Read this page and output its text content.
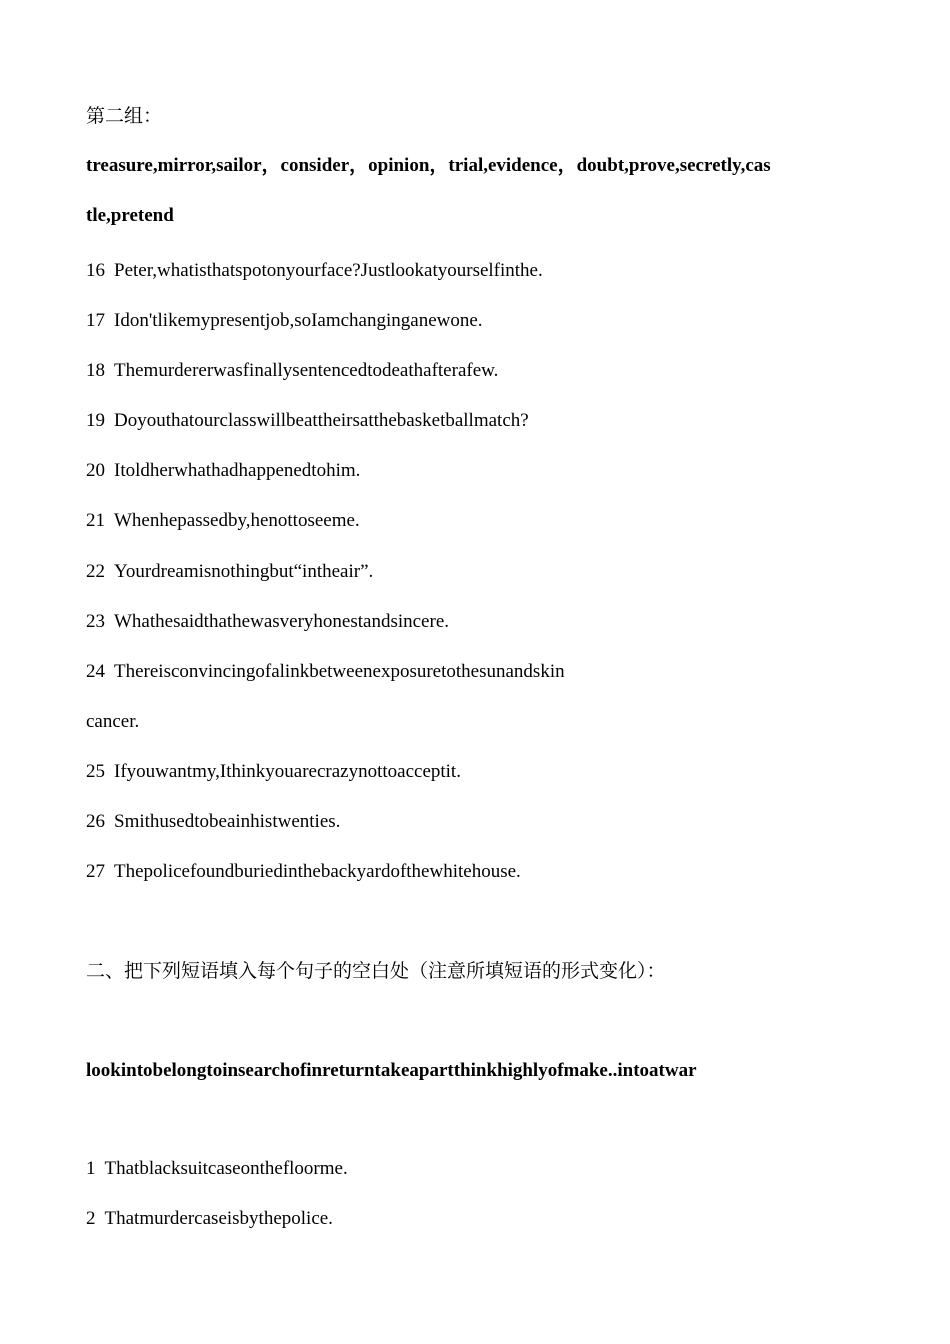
第二组：
treasure,mirror,sailor，consider，opinion，trial,evidence，doubt,prove,secretly,cas
tle,pretend
16 Peter,whatisthatspotonyourface?Justlookatyourselfinthe.
17 Idon'tlikemypresentjob,soIamchanginganewone.
18 Themurdererwasfinallysentencedtodeathafterafew.
19 Doyouthatourclasswillbeattheirsatthebasketballmatch?
20 Itoldherwhathadhappenedtohim.
21 Whenhepassedby,henottoseeme.
22 Yourdreamisnothingbut“intheair”.
23 Whathesaidthathewasveryhonestandsincere.
24 Thereisconvincingofalinkbetweenexposuretothesunandskin
cancer.
25 Ifyouwantmy,Ithinkyouarecrazynottoacceptit.
26 Smithusedtobeainhistwenties.
27 Thepolicefoundburiedinthebackyardofthewhitehouse.
二、把下列短语填入每个句子的空白处（注意所填短语的形式变化）：
lookintobelongtoinsearchofinreturntakeapartthinkhighlyofmake..intoatwar
1 Thatblacksuitcaseonthefloorme.
2 Thatmurdercaseisbythepolice.
